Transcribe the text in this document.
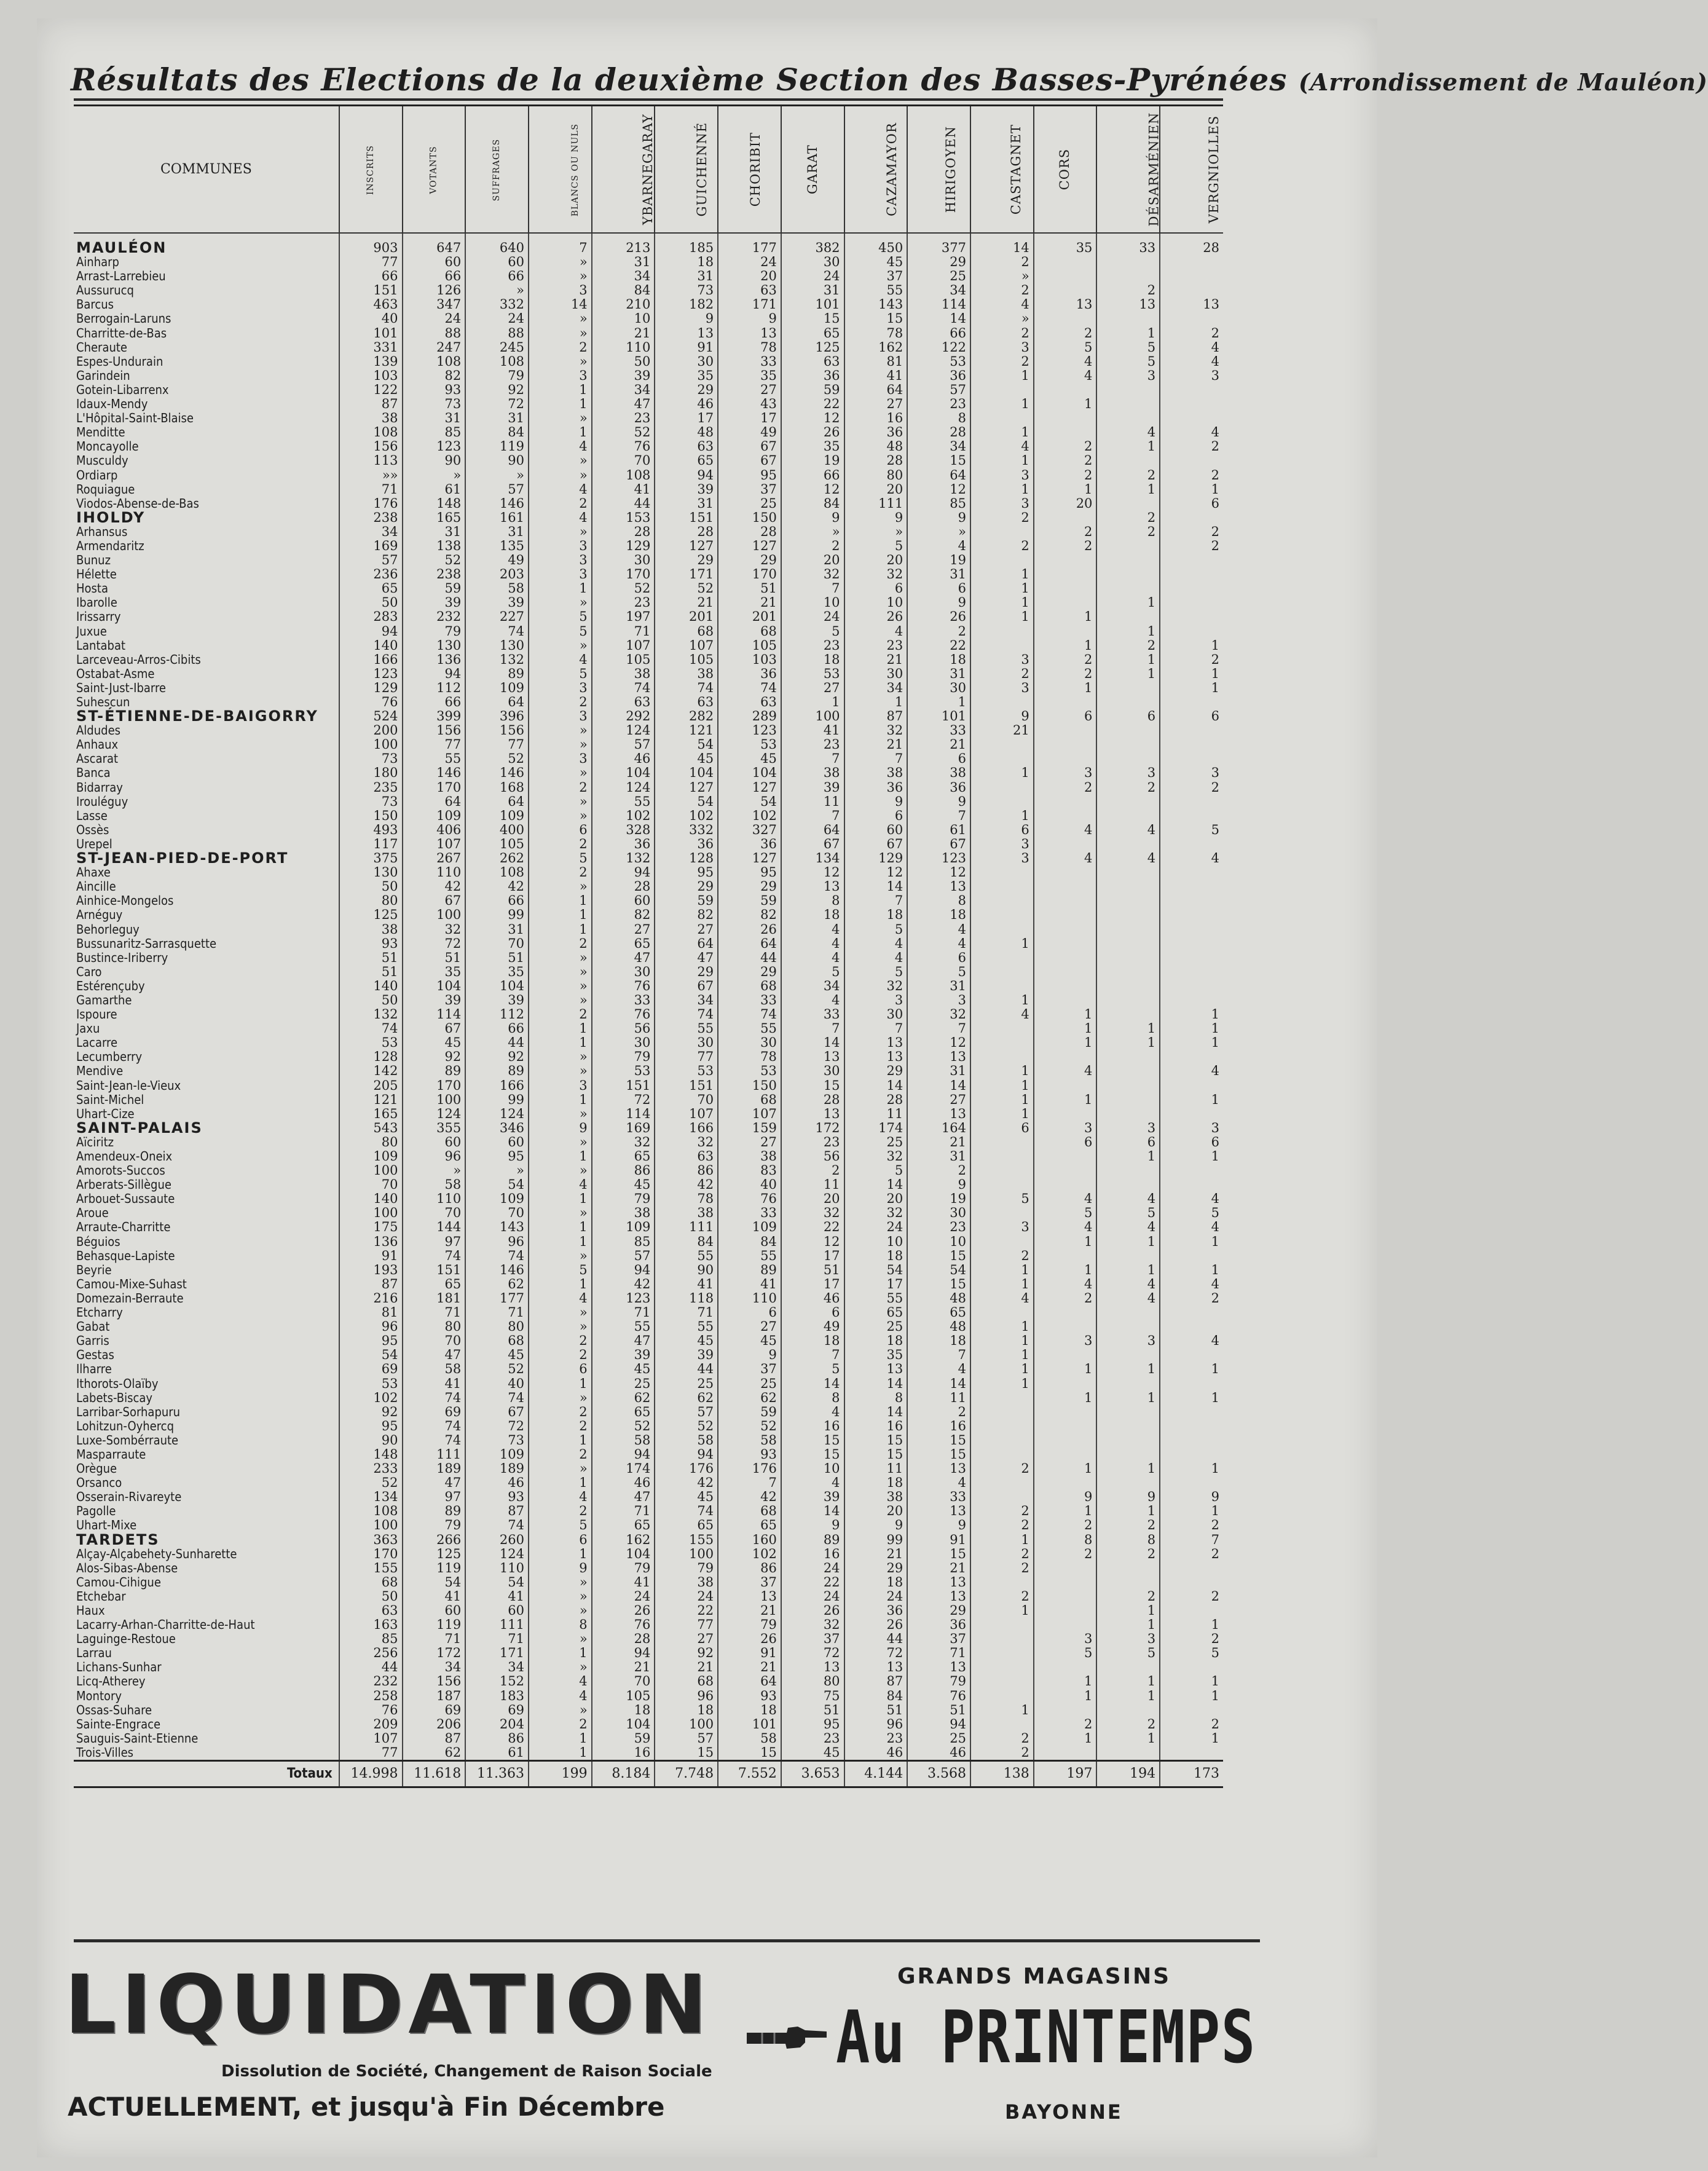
Résultats des Elections de la deuxième Section des Basses-Pyrénées (Arrondissement de Mauléon)
COMMUNES	INSCRITS	VOTANTS	SUFFRAGES	BLANCS OU NULS	YBARNEGARAY	GUICHENNÉ	CHORIBIT	GARAT	CAZAMAYOR	HIRIGOYEN	CASTAGNET	CORS	DÉSARMÉNIEN	VERGNIOLLES
MAULÉON	903	647	640	7	213	185	177	382	450	377	14	35	33	28
Ainharp	77	60	60	»	31	18	24	30	45	29	2			
Arrast-Larrebieu	66	66	66	»	34	31	20	24	37	25	»			
Aussurucq	151	126	»	3	84	73	63	31	55	34	2		2	
Barcus	463	347	332	14	210	182	171	101	143	114	4	13	13	13
Berrogain-Laruns	40	24	24	»	10	9	9	15	15	14	»			
Charritte-de-Bas	101	88	88	»	21	13	13	65	78	66	2	2	1	2
Cheraute	331	247	245	2	110	91	78	125	162	122	3	5	5	4
Espes-Undurain	139	108	108	»	50	30	33	63	81	53	2	4	5	4
Garindein	103	82	79	3	39	35	35	36	41	36	1	4	3	3
Gotein-Libarrenx	122	93	92	1	34	29	27	59	64	57				
Idaux-Mendy	87	73	72	1	47	46	43	22	27	23	1	1		
L'Hôpital-Saint-Blaise	38	31	31	»	23	17	17	12	16	8				
Menditte	108	85	84	1	52	48	49	26	36	28	1		4	4
Moncayolle	156	123	119	4	76	63	67	35	48	34	4	2	1	2
Musculdy	113	90	90	»	70	65	67	19	28	15	1	2		
Ordiarp	»»	»	»	»	108	94	95	66	80	64	3	2	2	2
Roquiague	71	61	57	4	41	39	37	12	20	12	1	1	1	1
Viodos-Abense-de-Bas	176	148	146	2	44	31	25	84	111	85	3	20		6
IHOLDY	238	165	161	4	153	151	150	9	9	9	2		2	
Arhansus	34	31	31	»	28	28	28	»	»	»		2	2	2
Armendaritz	169	138	135	3	129	127	127	2	5	4	2	2		2
Bunuz	57	52	49	3	30	29	29	20	20	19				
Hélette	236	238	203	3	170	171	170	32	32	31	1			
Hosta	65	59	58	1	52	52	51	7	6	6	1			
Ibarolle	50	39	39	»	23	21	21	10	10	9	1		1	
Irissarry	283	232	227	5	197	201	201	24	26	26	1	1		
Juxue	94	79	74	5	71	68	68	5	4	2			1	
Lantabat	140	130	130	»	107	107	105	23	23	22		1	2	1
Larceveau-Arros-Cibits	166	136	132	4	105	105	103	18	21	18	3	2	1	2
Ostabat-Asme	123	94	89	5	38	38	36	53	30	31	2	2	1	1
Saint-Just-Ibarre	129	112	109	3	74	74	74	27	34	30	3	1		1
Suhescun	76	66	64	2	63	63	63	1	1	1				
ST-ÉTIENNE-DE-BAIGORRY	524	399	396	3	292	282	289	100	87	101	9	6	6	6
Aldudes	200	156	156	»	124	121	123	41	32	33	21			
Anhaux	100	77	77	»	57	54	53	23	21	21				
Ascarat	73	55	52	3	46	45	45	7	7	6				
Banca	180	146	146	»	104	104	104	38	38	38	1	3	3	3
Bidarray	235	170	168	2	124	127	127	39	36	36		2	2	2
Irouléguy	73	64	64	»	55	54	54	11	9	9				
Lasse	150	109	109	»	102	102	102	7	6	7	1			
Ossès	493	406	400	6	328	332	327	64	60	61	6	4	4	5
Urepel	117	107	105	2	36	36	36	67	67	67	3			
ST-JEAN-PIED-DE-PORT	375	267	262	5	132	128	127	134	129	123	3	4	4	4
Ahaxe	130	110	108	2	94	95	95	12	12	12				
Aincille	50	42	42	»	28	29	29	13	14	13				
Ainhice-Mongelos	80	67	66	1	60	59	59	8	7	8				
Arnéguy	125	100	99	1	82	82	82	18	18	18				
Behorleguy	38	32	31	1	27	27	26	4	5	4				
Bussunaritz-Sarrasquette	93	72	70	2	65	64	64	4	4	4	1			
Bustince-Iriberry	51	51	51	»	47	47	44	4	4	6				
Caro	51	35	35	»	30	29	29	5	5	5				
Estérençuby	140	104	104	»	76	67	68	34	32	31				
Gamarthe	50	39	39	»	33	34	33	4	3	3	1			
Ispoure	132	114	112	2	76	74	74	33	30	32	4	1		1
Jaxu	74	67	66	1	56	55	55	7	7	7		1	1	1
Lacarre	53	45	44	1	30	30	30	14	13	12		1	1	1
Lecumberry	128	92	92	»	79	77	78	13	13	13				
Mendive	142	89	89	»	53	53	53	30	29	31	1	4		4
Saint-Jean-le-Vieux	205	170	166	3	151	151	150	15	14	14	1			
Saint-Michel	121	100	99	1	72	70	68	28	28	27	1	1		1
Uhart-Cize	165	124	124	»	114	107	107	13	11	13	1			
SAINT-PALAIS	543	355	346	9	169	166	159	172	174	164	6	3	3	3
Aïciritz	80	60	60	»	32	32	27	23	25	21		6	6	6
Amendeux-Oneix	109	96	95	1	65	63	38	56	32	31			1	1
Amorots-Succos	100	»	»	»	86	86	83	2	5	2				
Arberats-Sillègue	70	58	54	4	45	42	40	11	14	9				
Arbouet-Sussaute	140	110	109	1	79	78	76	20	20	19	5	4	4	4
Aroue	100	70	70	»	38	38	33	32	32	30		5	5	5
Arraute-Charritte	175	144	143	1	109	111	109	22	24	23	3	4	4	4
Béguios	136	97	96	1	85	84	84	12	10	10		1	1	1
Behasque-Lapiste	91	74	74	»	57	55	55	17	18	15	2			
Beyrie	193	151	146	5	94	90	89	51	54	54	1	1	1	1
Camou-Mixe-Suhast	87	65	62	1	42	41	41	17	17	15	1	4	4	4
Domezain-Berraute	216	181	177	4	123	118	110	46	55	48	4	2	4	2
Etcharry	81	71	71	»	71	71	6	6	65	65				
Gabat	96	80	80	»	55	55	27	49	25	48	1			
Garris	95	70	68	2	47	45	45	18	18	18	1	3	3	4
Gestas	54	47	45	2	39	39	9	7	35	7	1			
Ilharre	69	58	52	6	45	44	37	5	13	4	1	1	1	1
Ithorots-Olaïby	53	41	40	1	25	25	25	14	14	14	1			
Labets-Biscay	102	74	74	»	62	62	62	8	8	11		1	1	1
Larribar-Sorhapuru	92	69	67	2	65	57	59	4	14	2				
Lohitzun-Oyhercq	95	74	72	2	52	52	52	16	16	16				
Luxe-Sombérraute	90	74	73	1	58	58	58	15	15	15				
Masparraute	148	111	109	2	94	94	93	15	15	15				
Orègue	233	189	189	»	174	176	176	10	11	13	2	1	1	1
Orsanco	52	47	46	1	46	42	7	4	18	4				
Osserain-Rivareyte	134	97	93	4	47	45	42	39	38	33		9	9	9
Pagolle	108	89	87	2	71	74	68	14	20	13	2	1	1	1
Uhart-Mixe	100	79	74	5	65	65	65	9	9	9	2	2	2	2
TARDETS	363	266	260	6	162	155	160	89	99	91	1	8	8	7
Alçay-Alçabehety-Sunharette	170	125	124	1	104	100	102	16	21	15	2	2	2	2
Alos-Sibas-Abense	155	119	110	9	79	79	86	24	29	21	2			
Camou-Cihigue	68	54	54	»	41	38	37	22	18	13				
Etchebar	50	41	41	»	24	24	13	24	24	13	2		2	2
Haux	63	60	60	»	26	22	21	26	36	29	1		1	
Lacarry-Arhan-Charritte-de-Haut	163	119	111	8	76	77	79	32	26	36			1	1
Laguinge-Restoue	85	71	71	»	28	27	26	37	44	37		3	3	2
Larrau	256	172	171	1	94	92	91	72	72	71		5	5	5
Lichans-Sunhar	44	34	34	»	21	21	21	13	13	13				
Licq-Atherey	232	156	152	4	70	68	64	80	87	79		1	1	1
Montory	258	187	183	4	105	96	93	75	84	76		1	1	1
Ossas-Suhare	76	69	69	»	18	18	18	51	51	51	1			
Sainte-Engrace	209	206	204	2	104	100	101	95	96	94		2	2	2
Sauguis-Saint-Etienne	107	87	86	1	59	57	58	23	23	25	2	1	1	1
Trois-Villes	77	62	61	1	16	15	15	45	46	46	2			
Totaux	14.998	11.618	11.363	199	8.184	7.748	7.552	3.653	4.144	3.568	138	197	194	173
LIQUIDATION
Dissolution de Société, Changement de Raison Sociale
ACTUELLEMENT, et jusqu'à Fin Décembre
GRANDS MAGASINS
Au PRINTEMPS
BAYONNE
